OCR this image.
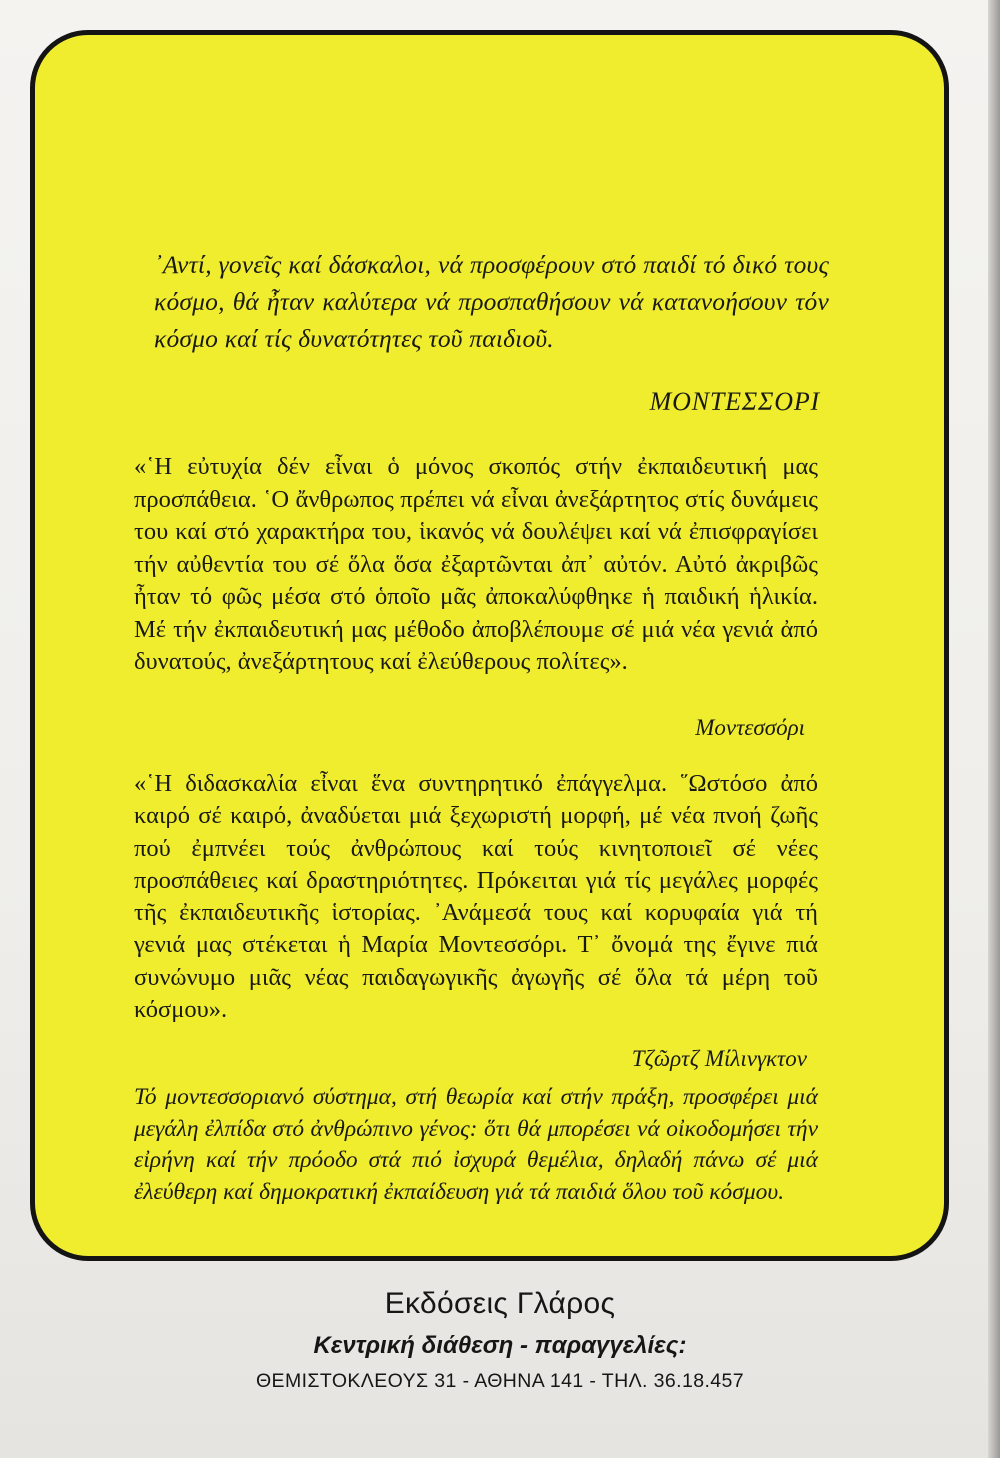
᾿Αντί, γονεῖς καί δάσκαλοι, νά προσφέρουν στό παιδί τό δικό τους κόσμο, θά ἦταν καλύτερα νά προσπαθήσουν νά κατανοήσουν τόν κόσμο καί τίς δυνατότητες τοῦ παιδιοῦ.

ΜΟΝΤΕΣΣΟΡΙ

«῾Η εὐτυχία δέν εἶναι ὁ μόνος σκοπός στήν ἐκπαιδευτική μας προσπάθεια. ῾Ο ἄνθρωπος πρέπει νά εἶναι ἀνεξάρτητος στίς δυνάμεις του καί στό χαρακτήρα του, ἱκανός νά δουλέψει καί νά ἐπισφραγίσει τήν αὐθεντία του σέ ὅλα ὅσα ἐξαρτῶνται ἀπ᾿ αὐτόν. Αὐτό ἀκριβῶς ἦταν τό φῶς μέσα στό ὁποῖο μᾶς ἀποκαλύφθηκε ἡ παιδική ἡλικία. Μέ τήν ἐκπαιδευτική μας μέθοδο ἀποβλέπουμε σέ μιά νέα γενιά ἀπό δυνατούς, ἀνεξάρτητους καί ἐλεύθερους πολίτες».

Μοντεσσόρι

«῾Η διδασκαλία εἶναι ἕνα συντηρητικό ἐπάγγελμα. ῞Ωστόσο ἀπό καιρό σέ καιρό, ἀναδύεται μιά ξεχωριστή μορφή, μέ νέα πνοή ζωῆς πού ἐμπνέει τούς ἀνθρώπους καί τούς κινητοποιεῖ σέ νέες προσπάθειες καί δραστηριότητες. Πρόκειται γιά τίς μεγάλες μορφές τῆς ἐκπαιδευτικῆς ἱστορίας. ᾿Ανάμεσά τους καί κορυφαία γιά τή γενιά μας στέκεται ἡ Μαρία Μοντεσσόρι. Τ᾿ ὄνομά της ἔγινε πιά συνώνυμο μιᾶς νέας παιδαγωγικῆς ἀγωγῆς σέ ὅλα τά μέρη τοῦ κόσμου».

Τζῶρτζ Μίλινγκτον

Τό μοντεσσοριανό σύστημα, στή θεωρία καί στήν πράξη, προσφέρει μιά μεγάλη ἐλπίδα στό ἀνθρώπινο γένος: ὅτι θά μπορέσει νά οἰκοδομήσει τήν εἰρήνη καί τήν πρόοδο στά πιό ἰσχυρά θεμέλια, δηλαδή πάνω σέ μιά ἐλεύθερη καί δημοκρατική ἐκπαίδευση γιά τά παιδιά ὅλου τοῦ κόσμου.

Εκδόσεις Γλάρος

Κεντρική διάθεση - παραγγελίες:

ΘΕΜΙΣΤΟΚΛΕΟΥΣ 31 - ΑΘΗΝΑ 141 - ΤΗΛ. 36.18.457
